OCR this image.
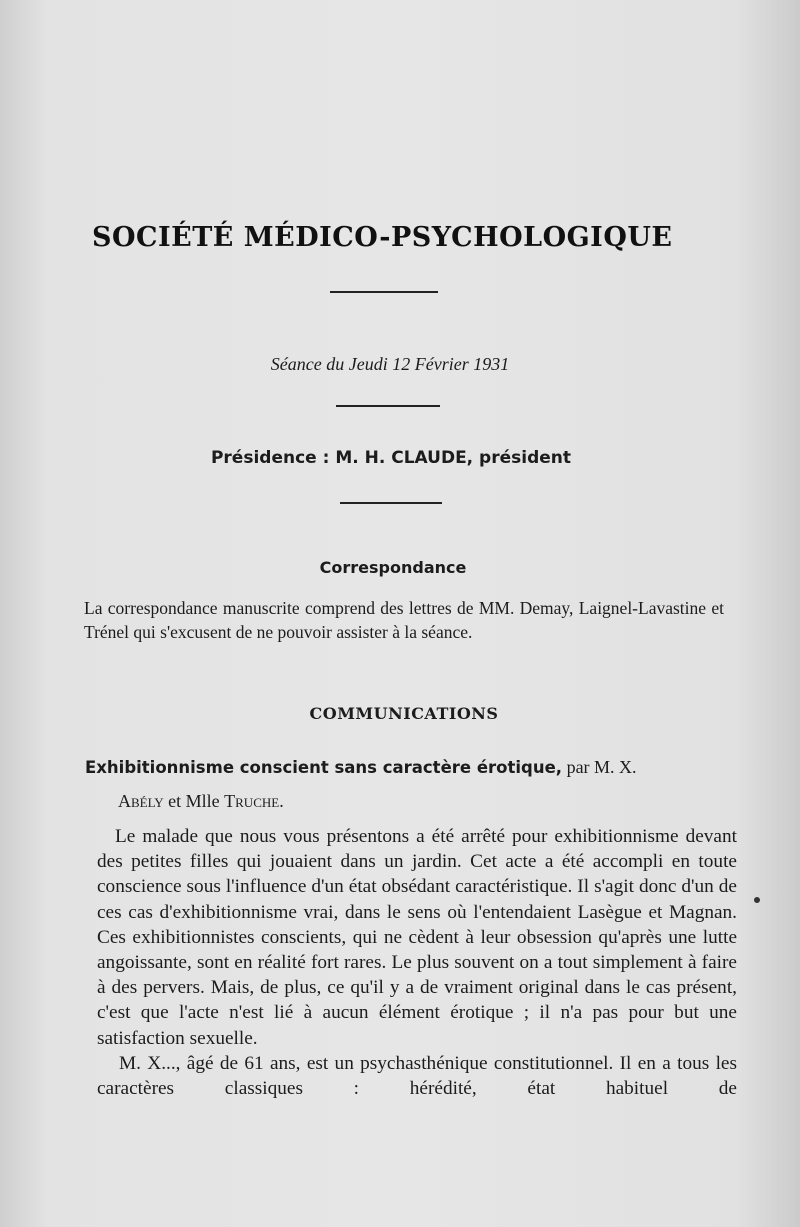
SOCIÉTÉ MÉDICO-PSYCHOLOGIQUE
Séance du Jeudi 12 Février 1931
Présidence : M. H. CLAUDE, président
Correspondance
La correspondance manuscrite comprend des lettres de MM. Demay, Laignel-Lavastine et Trénel qui s'excusent de ne pouvoir assister à la séance.
COMMUNICATIONS
Exhibitionnisme conscient sans caractère érotique, par M. X.
Abély et Mlle Truche.

Le malade que nous vous présentons a été arrêté pour exhibitionnisme devant des petites filles qui jouaient dans un jardin. Cet acte a été accompli en toute conscience sous l'influence d'un état obsédant caractéristique. Il s'agit donc d'un de ces cas d'exhibitionnisme vrai, dans le sens où l'entendaient Lasègue et Magnan. Ces exhibitionnistes conscients, qui ne cèdent à leur obsession qu'après une lutte angoissante, sont en réalité fort rares. Le plus souvent on a tout simplement à faire à des pervers. Mais, de plus, ce qu'il y a de vraiment original dans le cas présent, c'est que l'acte n'est lié à aucun élément érotique ; il n'a pas pour but une satisfaction sexuelle.

M. X..., âgé de 61 ans, est un psychasthénique constitutionnel. Il en a tous les caractères classiques : hérédité, état habituel de
